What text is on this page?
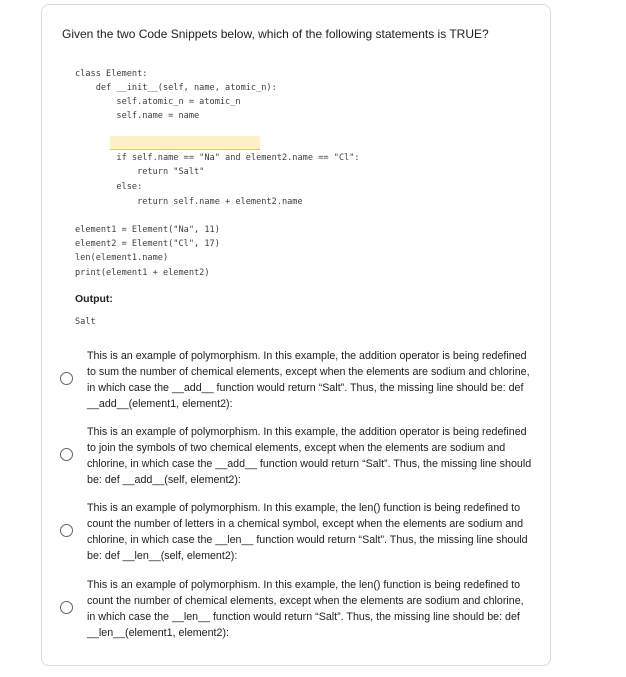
Given the two Code Snippets below, which of the following statements is TRUE?
class Element:
def __init__(self, name, atomic_n):
self.atomic_n = atomic_n
self.name = name
if self.name == "Na" and element2.name == "Cl":
return "Salt"
else:
return self.name + element2.name
element1 = Element("Na", 11)
element2 = Element("Cl", 17)
len(element1.name)
print(element1 + element2)
Output:
Salt
This is an example of polymorphism. In this example, the addition operator is being redefined to sum the number of chemical elements, except when the elements are sodium and chlorine, in which case the __add__ function would return “Salt”. Thus, the missing line should be: def __add__(element1, element2):
This is an example of polymorphism. In this example, the addition operator is being redefined to join the symbols of two chemical elements, except when the elements are sodium and chlorine, in which case the __add__ function would return “Salt”. Thus, the missing line should be: def __add__(self, element2):
This is an example of polymorphism. In this example, the len() function is being redefined to count the number of letters in a chemical symbol, except when the elements are sodium and chlorine, in which case the __len__ function would return “Salt”. Thus, the missing line should be: def __len__(self, element2):
This is an example of polymorphism. In this example, the len() function is being redefined to count the number of chemical elements, except when the elements are sodium and chlorine, in which case the __len__ function would return “Salt”. Thus, the missing line should be: def __len__(element1, element2):
